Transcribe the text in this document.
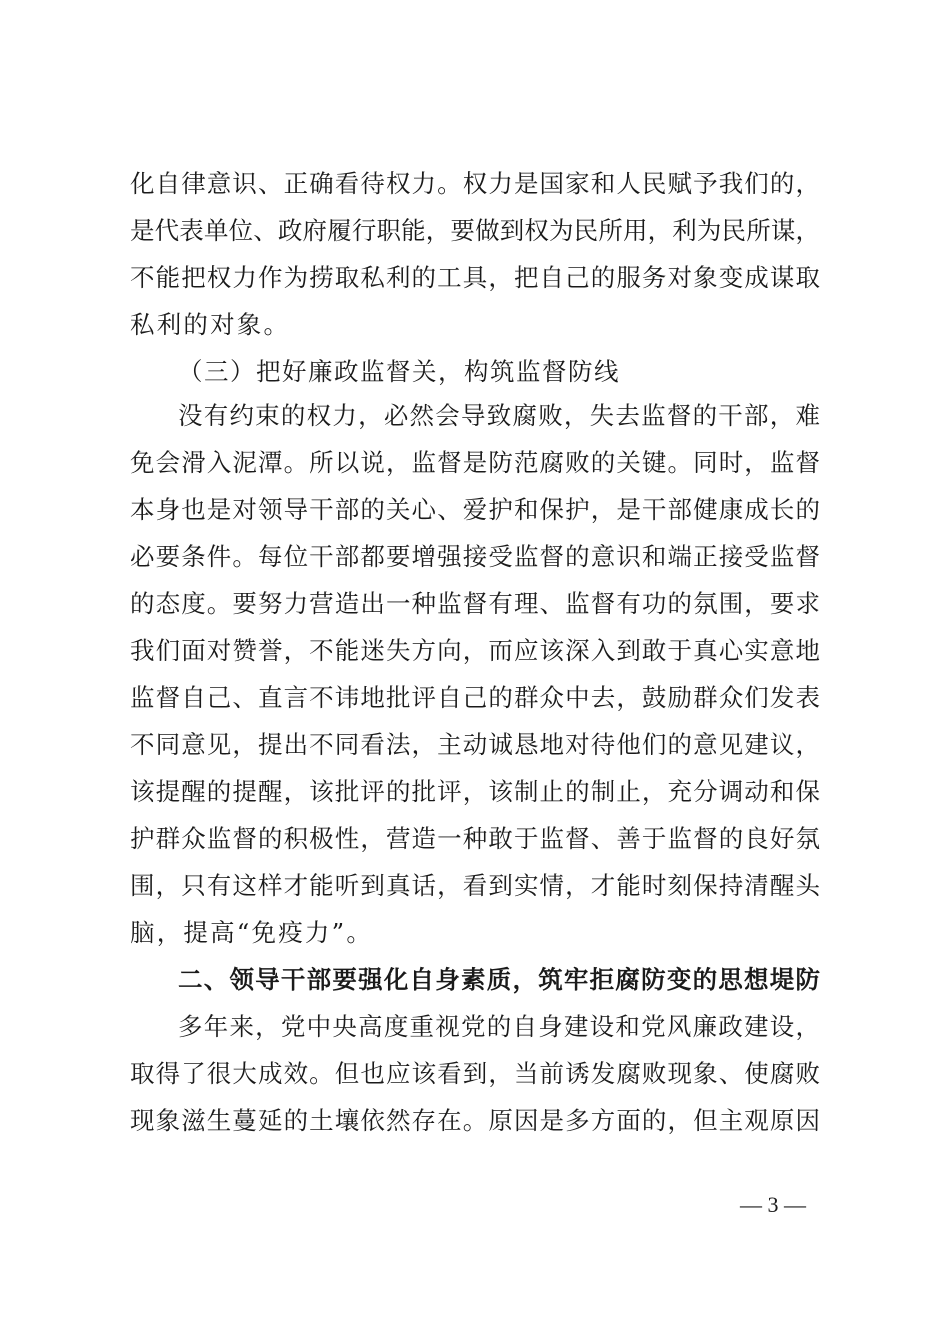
化自律意识、正确看待权力。权力是国家和人民赋予我们的，
是代表单位、政府履行职能，要做到权为民所用，利为民所谋，
不能把权力作为捞取私利的工具，把自己的服务对象变成谋取
私利的对象。
（三）把好廉政监督关，构筑监督防线
没有约束的权力，必然会导致腐败，失去监督的干部，难
免会滑入泥潭。所以说，监督是防范腐败的关键。同时，监督
本身也是对领导干部的关心、爱护和保护，是干部健康成长的
必要条件。每位干部都要增强接受监督的意识和端正接受监督
的态度。要努力营造出一种监督有理、监督有功的氛围，要求
我们面对赞誉，不能迷失方向，而应该深入到敢于真心实意地
监督自己、直言不讳地批评自己的群众中去，鼓励群众们发表
不同意见，提出不同看法，主动诚恳地对待他们的意见建议，
该提醒的提醒，该批评的批评，该制止的制止，充分调动和保
护群众监督的积极性，营造一种敢于监督、善于监督的良好氛
围，只有这样才能听到真话，看到实情，才能时刻保持清醒头
脑，提高“免疫力”。
二、领导干部要强化自身素质，筑牢拒腐防变的思想堤防
多年来，党中央高度重视党的自身建设和党风廉政建设，
取得了很大成效。但也应该看到，当前诱发腐败现象、使腐败
现象滋生蔓延的土壤依然存在。原因是多方面的，但主观原因
— 3 —
